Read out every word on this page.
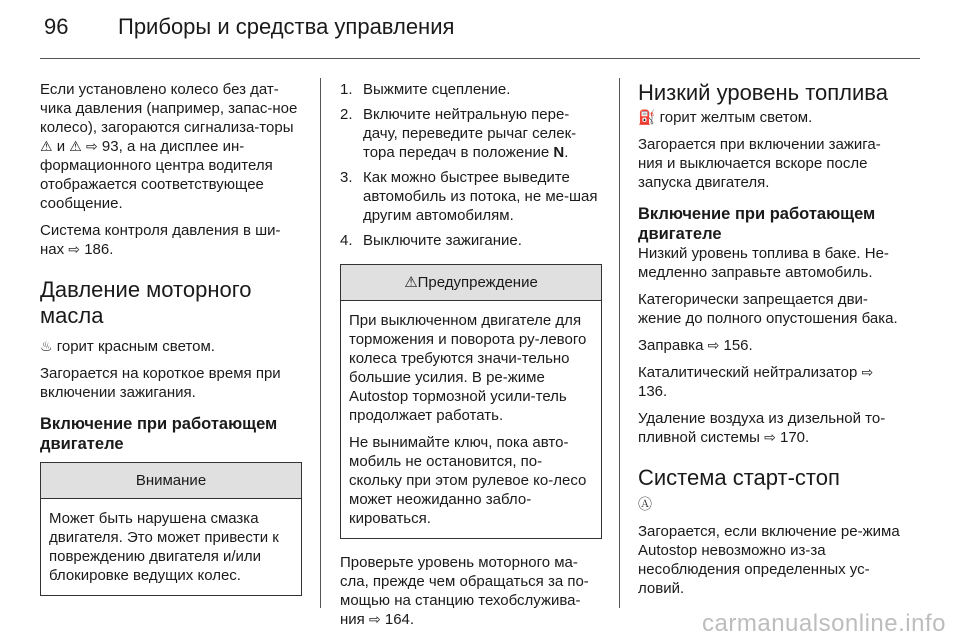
96 Приборы и средства управления

Если установлено колесо без дат-чика давления (например, запас-ное колесо), загораются сигнализа-торы ⚠ и ⚠ ⇨ 93, а на дисплее ин-формационного центра водителя отображается соответствующее сообщение.

Система контроля давления в ши-нах ⇨ 186.

Давление моторного масла

♨ горит красным светом.

Загорается на короткое время при включении зажигания.

Включение при работающем двигателе
Внимание

Может быть нарушена смазка двигателя. Это может привести к повреждению двигателя и/или блокировке ведущих колес.

1. Выжмите сцепление.
2. Включите нейтральную пере-дачу, переведите рычаг селек-тора передач в положение N.
3. Как можно быстрее выведите автомобиль из потока, не ме-шая другим автомобилям.
4. Выключите зажигание.
⚠Предупреждение

При выключенном двигателе для торможения и поворота ру-левого колеса требуются значи-тельно большие усилия. В ре-жиме Autostop тормозной усили-тель продолжает работать.

Не вынимайте ключ, пока авто-мобиль не остановится, по-скольку при этом рулевое ко-лесо может неожиданно забло-кироваться.

Проверьте уровень моторного ма-сла, прежде чем обращаться за по-мощью на станцию техобслужива-ния ⇨ 164.

Низкий уровень топлива

⛽ горит желтым светом.

Загорается при включении зажига-ния и выключается вскоре после запуска двигателя.

Включение при работающем двигателе

Низкий уровень топлива в баке. Не-медленно заправьте автомобиль.

Категорически запрещается дви-жение до полного опустошения бака.

Заправка ⇨ 156.

Каталитический нейтрализатор ⇨ 136.

Удаление воздуха из дизельной то-пливной системы ⇨ 170.

Система старт-стоп

Ⓐ

Загорается, если включение ре-жима Autostop невозможно из-за несоблюдения определенных ус-ловий.

carmanualsonline.info
